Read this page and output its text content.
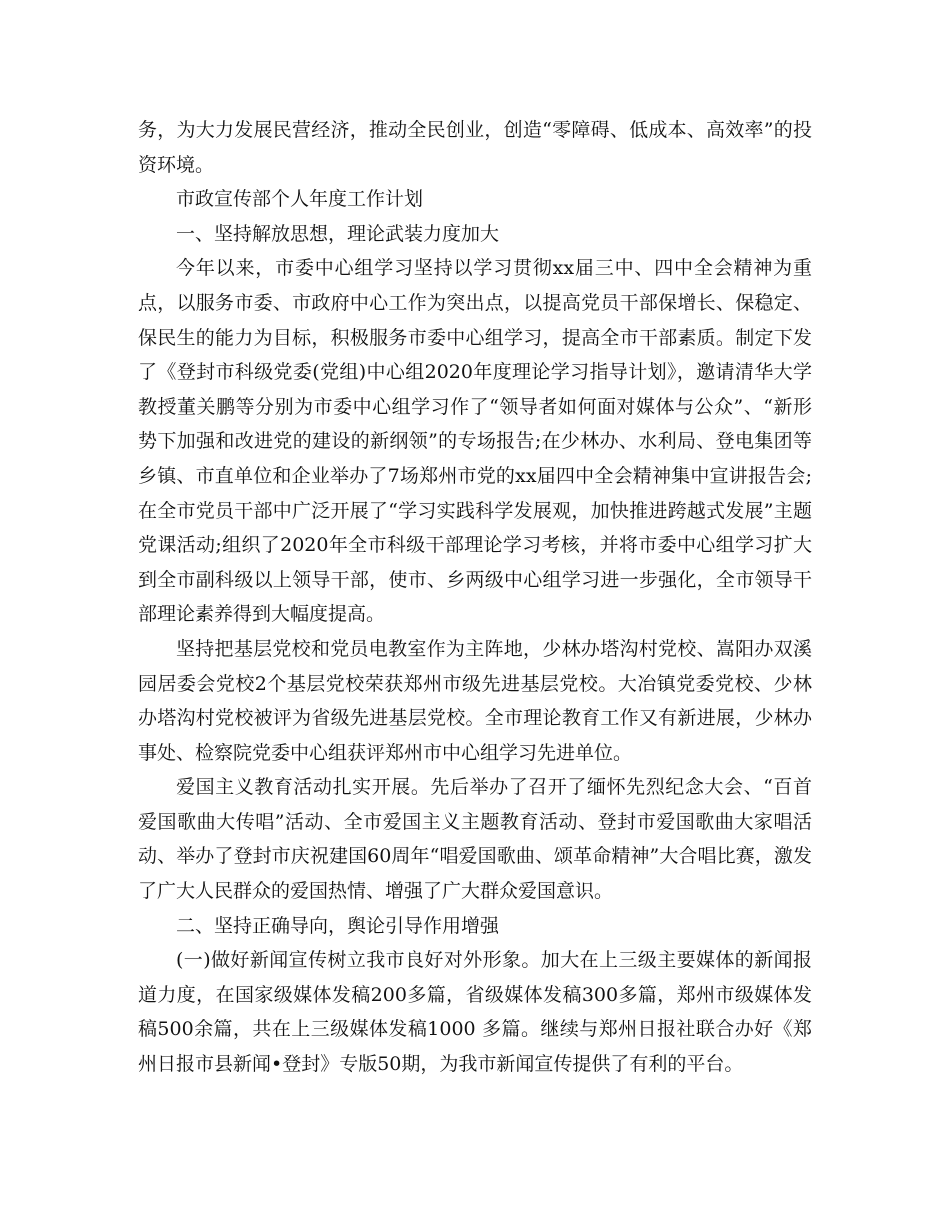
务，为大力发展民营经济，推动全民创业，创造“零障碍、低成本、高效率”的投资环境。

市政宣传部个人年度工作计划

一、坚持解放思想，理论武装力度加大

今年以来，市委中心组学习坚持以学习贯彻xx届三中、四中全会精神为重点，以服务市委、市政府中心工作为突出点，以提高党员干部保增长、保稳定、保民生的能力为目标，积极服务市委中心组学习，提高全市干部素质。制定下发了《登封市科级党委(党组)中心组2020年度理论学习指导计划》，邀请清华大学教授董关鹏等分别为市委中心组学习作了“领导者如何面对媒体与公众”、“新形势下加强和改进党的建设的新纲领”的专场报告;在少林办、水利局、登电集团等乡镇、市直单位和企业举办了7场郑州市党的xx届四中全会精神集中宣讲报告会;在全市党员干部中广泛开展了“学习实践科学发展观，加快推进跨越式发展”主题党课活动;组织了2020年全市科级干部理论学习考核，并将市委中心组学习扩大到全市副科级以上领导干部，使市、乡两级中心组学习进一步强化，全市领导干部理论素养得到大幅度提高。

坚持把基层党校和党员电教室作为主阵地，少林办塔沟村党校、嵩阳办双溪园居委会党校2个基层党校荣获郑州市级先进基层党校。大冶镇党委党校、少林办塔沟村党校被评为省级先进基层党校。全市理论教育工作又有新进展，少林办事处、检察院党委中心组获评郑州市中心组学习先进单位。

爱国主义教育活动扎实开展。先后举办了召开了缅怀先烈纪念大会、“百首爱国歌曲大传唱”活动、全市爱国主义主题教育活动、登封市爱国歌曲大家唱活动、举办了登封市庆祝建国60周年“唱爱国歌曲、颂革命精神”大合唱比赛，激发了广大人民群众的爱国热情、增强了广大群众爱国意识。

二、坚持正确导向，舆论引导作用增强

(一)做好新闻宣传树立我市良好对外形象。加大在上三级主要媒体的新闻报道力度，在国家级媒体发稿200多篇，省级媒体发稿300多篇，郑州市级媒体发稿500余篇，共在上三级媒体发稿1000 多篇。继续与郑州日报社联合办好《郑州日报市县新闻•登封》专版50期，为我市新闻宣传提供了有利的平台。
